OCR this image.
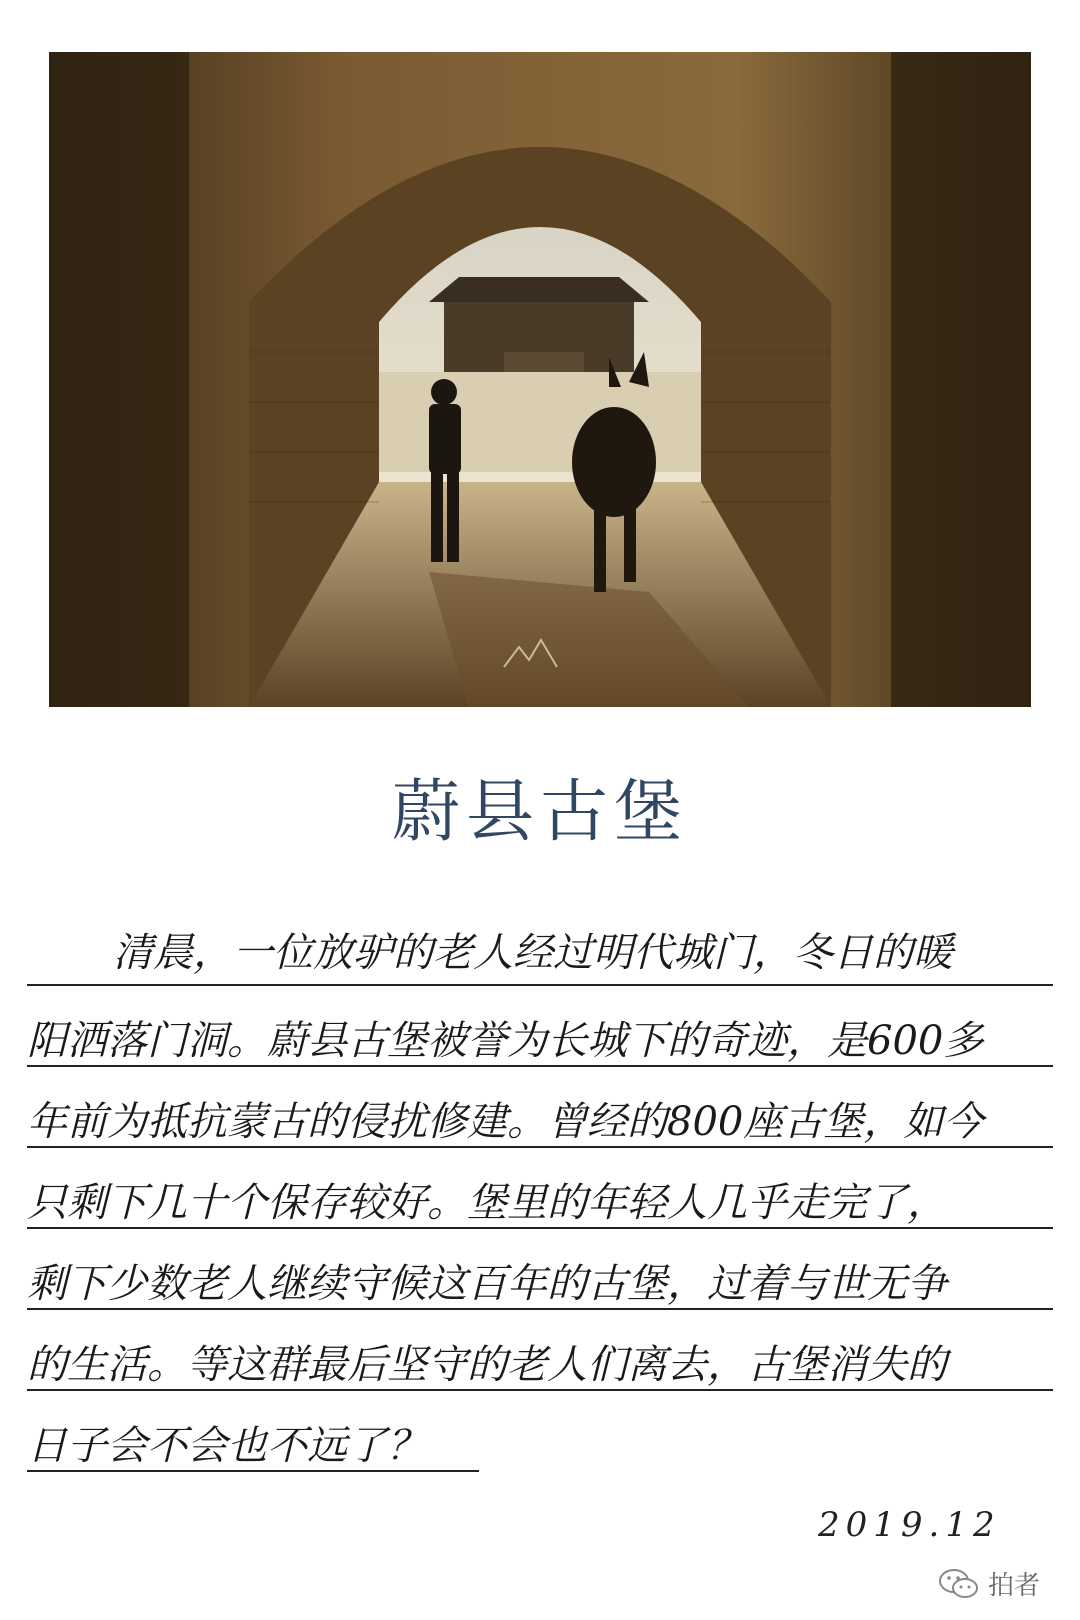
蔚县古堡
清晨，一位放驴的老人经过明代城门，冬日的暖
阳洒落门洞。蔚县古堡被誉为长城下的奇迹，是600多
年前为抵抗蒙古的侵扰修建。曾经的800座古堡，如今
只剩下几十个保存较好。堡里的年轻人几乎走完了，
剩下少数老人继续守候这百年的古堡，过着与世无争
的生活。等这群最后坚守的老人们离去，古堡消失的
日子会不会也不远了？
2019.12
拍者
